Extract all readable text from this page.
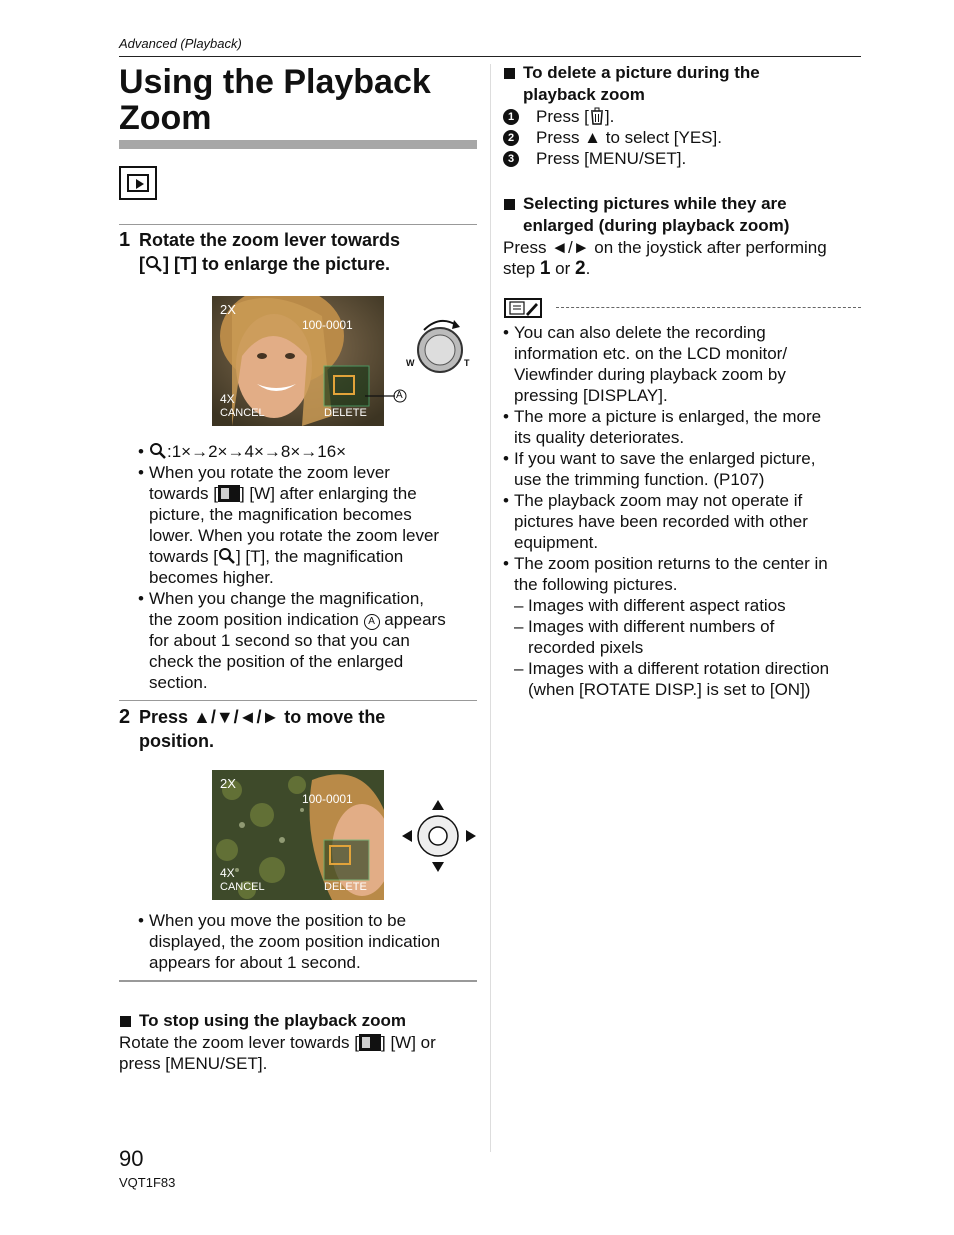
Advanced (Playback)
Using the Playback Zoom
1 Rotate the zoom lever towards
[ ] [T] to enlarge the picture.
2X
100-0001
4X
CANCEL	DELETE
W	T
A
• :1×→2×→4×→8×→16×
• When you rotate the zoom lever
towards [ ] [W] after enlarging the
picture, the magnification becomes
lower. When you rotate the zoom lever
towards [ ] [T], the magnification
becomes higher.
• When you change the magnification,
the zoom position indication A appears
for about 1 second so that you can
check the position of the enlarged
section.
2 Press ▲/▼/◄/► to move the
position.
2X
100-0001
4X
CANCEL	DELETE
• When you move the position to be
displayed, the zoom position indication
appears for about 1 second.
To stop using the playback zoom
Rotate the zoom lever towards [ ] [W] or
press [MENU/SET].
To delete a picture during the
playback zoom
1 Press [ ].
2 Press ▲ to select [YES].
3 Press [MENU/SET].
Selecting pictures while they are
enlarged (during playback zoom)
Press ◄/► on the joystick after performing
step 1 or 2.
• You can also delete the recording
information etc. on the LCD monitor/
Viewfinder during playback zoom by
pressing [DISPLAY].
• The more a picture is enlarged, the more
its quality deteriorates.
• If you want to save the enlarged picture,
use the trimming function. (P107)
• The playback zoom may not operate if
pictures have been recorded with other
equipment.
• The zoom position returns to the center in
the following pictures.
– Images with different aspect ratios
– Images with different numbers of
recorded pixels
– Images with a different rotation direction
(when [ROTATE DISP.] is set to [ON])
90
VQT1F83
